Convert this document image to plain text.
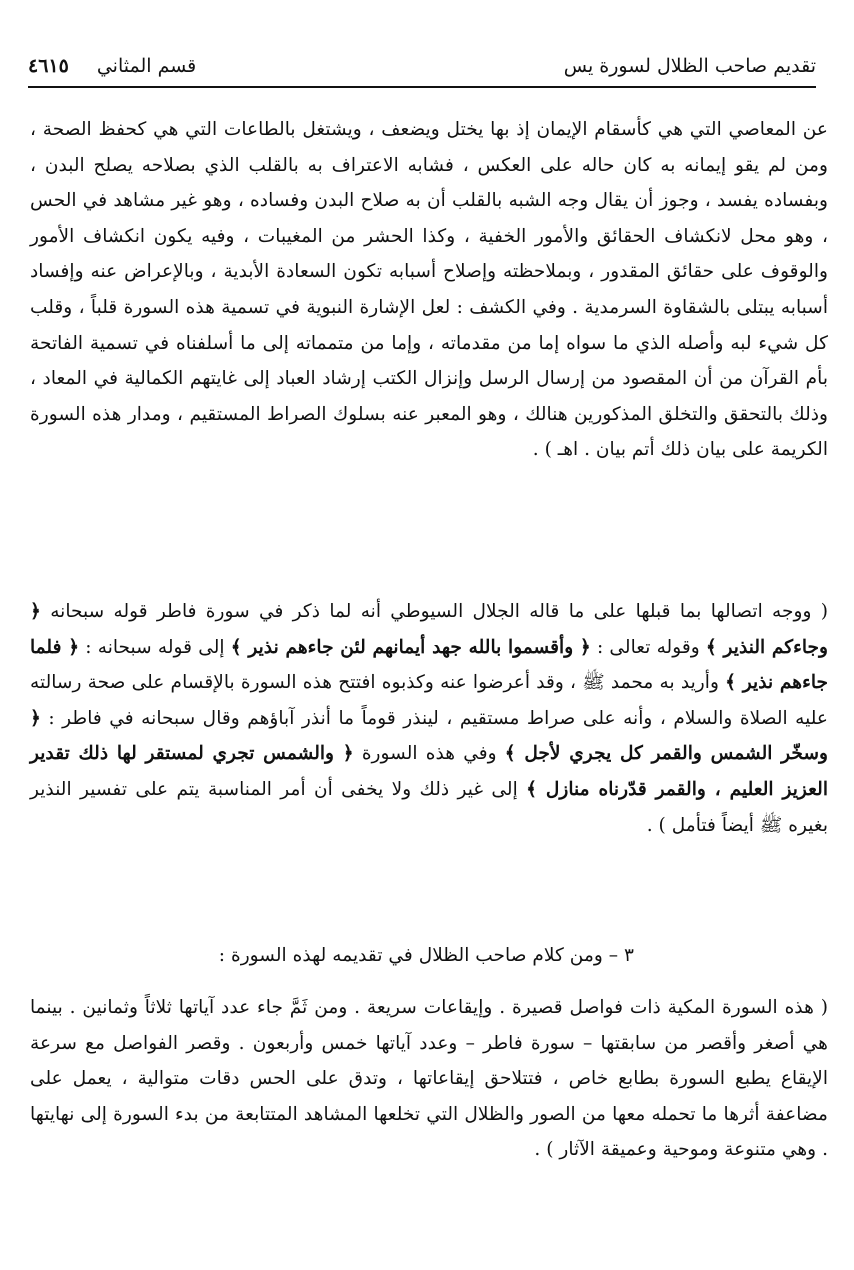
تقديم صاحب الظلال لسورة يس
قسم المثاني
٤٦١٥
عن المعاصي التي هي كأسقام الإيمان إذ بها يختل ويضعف ، ويشتغل بالطاعات التي هي كحفظ الصحة ، ومن لم يقو إيمانه به كان حاله على العكس ، فشابه الاعتراف به بالقلب الذي بصلاحه يصلح البدن ، وبفساده يفسد ، وجوز أن يقال وجه الشبه بالقلب أن به صلاح البدن وفساده ، وهو غير مشاهد في الحس ، وهو محل لانكشاف الحقائق والأمور الخفية ، وكذا الحشر من المغيبات ، وفيه يكون انكشاف الأمور والوقوف على حقائق المقدور ، وبملاحظته وإصلاح أسبابه تكون السعادة الأبدية ، وبالإعراض عنه وإفساد أسبابه يبتلى بالشقاوة السرمدية . وفي الكشف : لعل الإشارة النبوية في تسمية هذه السورة قلباً ، وقلب كل شيء لبه وأصله الذي ما سواه إما من مقدماته ، وإما من متمماته إلى ما أسلفناه في تسمية الفاتحة بأم القرآن من أن المقصود من إرسال الرسل وإنزال الكتب إرشاد العباد إلى غايتهم الكمالية في المعاد ، وذلك بالتحقق والتخلق المذكورين هنالك ، وهو المعبر عنه بسلوك الصراط المستقيم ، ومدار هذه السورة الكريمة على بيان ذلك أتم بيان . اهـ ) .
( ووجه اتصالها بما قبلها على ما قاله الجلال السيوطي أنه لما ذكر في سورة فاطر قوله سبحانه ﴿ وجاءكم النذير ﴾ وقوله تعالى : ﴿ وأقسموا بالله جهد أيمانهم لئن جاءهم نذير ﴾ إلى قوله سبحانه : ﴿ فلما جاءهم نذير ﴾ وأريد به محمد ﷺ ، وقد أعرضوا عنه وكذبوه افتتح هذه السورة بالإقسام على صحة رسالته عليه الصلاة والسلام ، وأنه على صراط مستقيم ، لينذر قوماً ما أنذر آباؤهم وقال سبحانه في فاطر : ﴿ وسخّر الشمس والقمر كل يجري لأجل ﴾ وفي هذه السورة ﴿ والشمس تجري لمستقر لها ذلك تقدير العزيز العليم ، والقمر قدّرناه منازل ﴾ إلى غير ذلك ولا يخفى أن أمر المناسبة يتم على تفسير النذير بغيره ﷺ أيضاً فتأمل ) .
٣ – ومن كلام صاحب الظلال في تقديمه لهذه السورة :
( هذه السورة المكية ذات فواصل قصيرة . وإيقاعات سريعة . ومن ثَمَّ جاء عدد آياتها ثلاثاً وثمانين . بينما هي أصغر وأقصر من سابقتها – سورة فاطر – وعدد آياتها خمس وأربعون . وقصر الفواصل مع سرعة الإيقاع يطبع السورة بطابع خاص ، فتتلاحق إيقاعاتها ، وتدق على الحس دقات متوالية ، يعمل على مضاعفة أثرها ما تحمله معها من الصور والظلال التي تخلعها المشاهد المتتابعة من بدء السورة إلى نهايتها . وهي متنوعة وموحية وعميقة الآثار ) .
